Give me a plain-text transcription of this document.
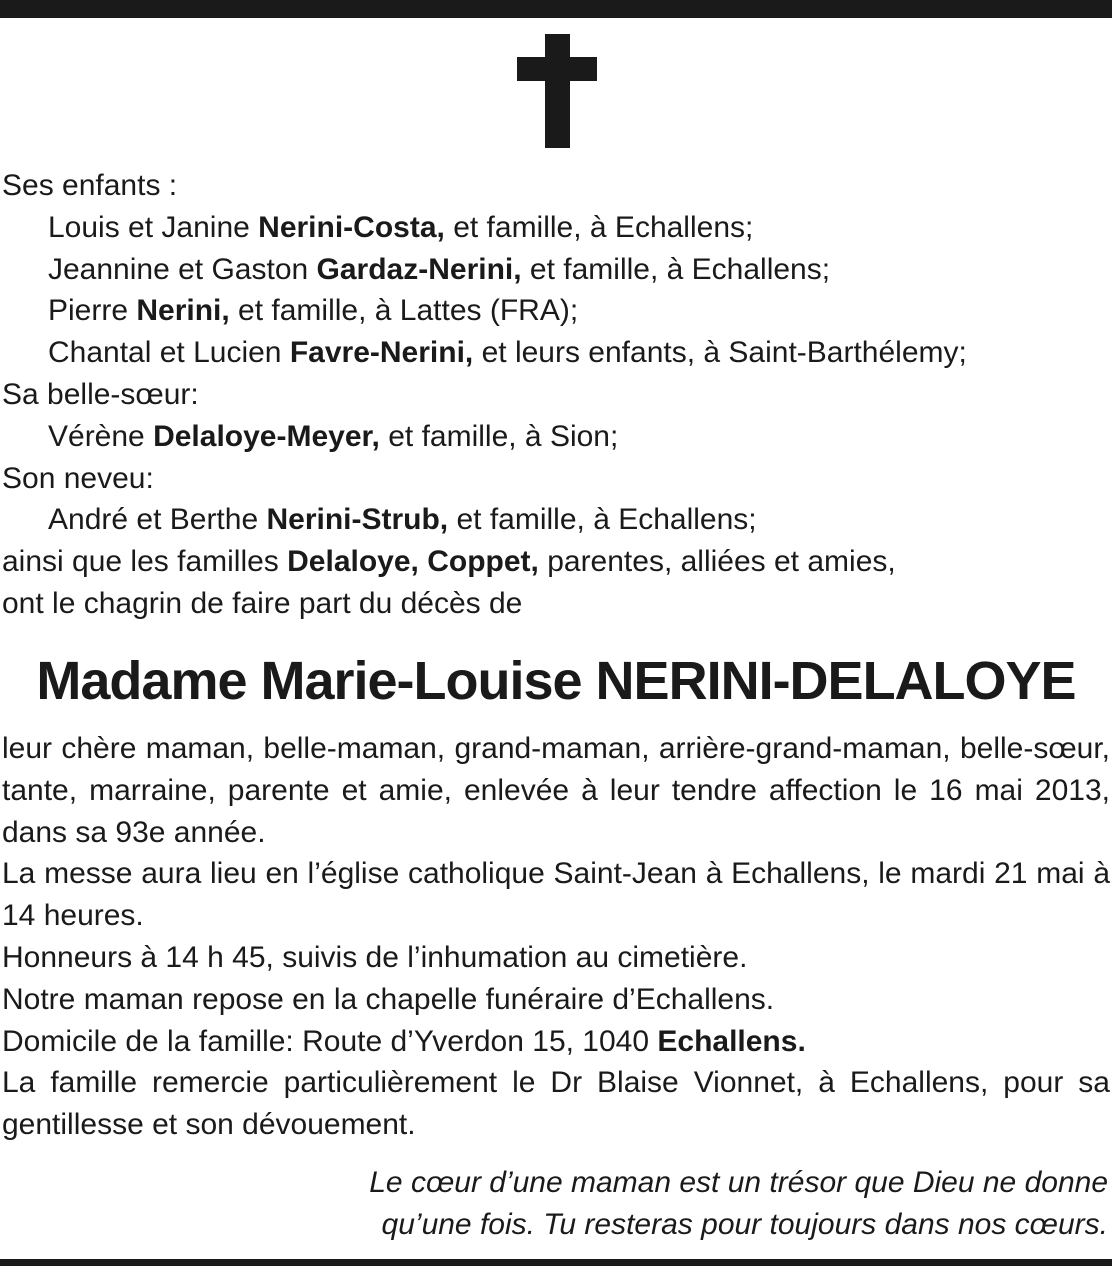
Ses enfants :
Louis et Janine Nerini-Costa, et famille, à Echallens;
Jeannine et Gaston Gardaz-Nerini, et famille, à Echallens;
Pierre Nerini, et famille, à Lattes (FRA);
Chantal et Lucien Favre-Nerini, et leurs enfants, à Saint-Barthélemy;
Sa belle-sœur:
Vérène Delaloye-Meyer, et famille, à Sion;
Son neveu:
André et Berthe Nerini-Strub, et famille, à Echallens;
ainsi que les familles Delaloye, Coppet, parentes, alliées et amies,
ont le chagrin de faire part du décès de
Madame Marie-Louise NERINI-DELALOYE

leur chère maman, belle-maman, grand-maman, arrière-grand-maman, belle-sœur, tante, marraine, parente et amie, enlevée à leur tendre affection le 16 mai 2013, dans sa 93e année.

La messe aura lieu en l’église catholique Saint-Jean à Echallens, le mardi 21 mai à 14 heures.

Honneurs à 14 h 45, suivis de l’inhumation au cimetière.

Notre maman repose en la chapelle funéraire d’Echallens.

Domicile de la famille: Route d’Yverdon 15, 1040 Echallens.

La famille remercie particulièrement le Dr Blaise Vionnet, à Echallens, pour sa gentillesse et son dévouement.

Le cœur d’une maman est un trésor que Dieu ne donne
qu’une fois. Tu resteras pour toujours dans nos cœurs.
